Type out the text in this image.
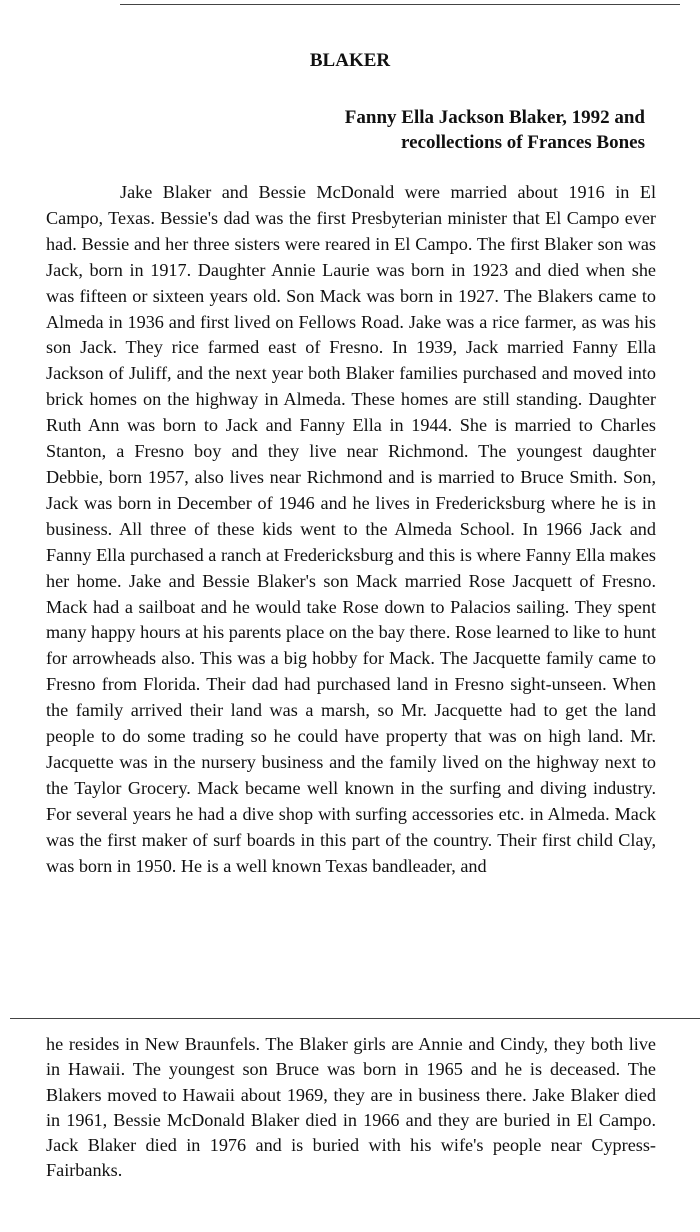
BLAKER
Fanny Ella Jackson Blaker, 1992 and
recollections of Frances Bones
Jake Blaker and Bessie McDonald were married about 1916 in El Campo, Texas. Bessie's dad was the first Presbyterian minister that El Campo ever had. Bessie and her three sisters were reared in El Campo. The first Blaker son was Jack, born in 1917. Daughter Annie Laurie was born in 1923 and died when she was fifteen or sixteen years old. Son Mack was born in 1927. The Blakers came to Almeda in 1936 and first lived on Fellows Road. Jake was a rice farmer, as was his son Jack. They rice farmed east of Fresno. In 1939, Jack married Fanny Ella Jackson of Juliff, and the next year both Blaker families purchased and moved into brick homes on the highway in Almeda. These homes are still standing. Daughter Ruth Ann was born to Jack and Fanny Ella in 1944. She is married to Charles Stanton, a Fresno boy and they live near Richmond. The youngest daughter Debbie, born 1957, also lives near Richmond and is married to Bruce Smith. Son, Jack was born in December of 1946 and he lives in Fredericksburg where he is in business. All three of these kids went to the Almeda School. In 1966 Jack and Fanny Ella purchased a ranch at Fredericksburg and this is where Fanny Ella makes her home. Jake and Bessie Blaker's son Mack married Rose Jacquett of Fresno. Mack had a sailboat and he would take Rose down to Palacios sailing. They spent many happy hours at his parents place on the bay there. Rose learned to like to hunt for arrowheads also. This was a big hobby for Mack. The Jacquette family came to Fresno from Florida. Their dad had purchased land in Fresno sight-unseen. When the family arrived their land was a marsh, so Mr. Jacquette had to get the land people to do some trading so he could have property that was on high land. Mr. Jacquette was in the nursery business and the family lived on the highway next to the Taylor Grocery. Mack became well known in the surfing and diving industry. For several years he had a dive shop with surfing accessories etc. in Almeda. Mack was the first maker of surf boards in this part of the country. Their first child Clay, was born in 1950. He is a well known Texas bandleader, and
he resides in New Braunfels. The Blaker girls are Annie and Cindy, they both live in Hawaii. The youngest son Bruce was born in 1965 and he is deceased. The Blakers moved to Hawaii about 1969, they are in business there. Jake Blaker died in 1961, Bessie McDonald Blaker died in 1966 and they are buried in El Campo. Jack Blaker died in 1976 and is buried with his wife's people near Cypress-Fairbanks.
